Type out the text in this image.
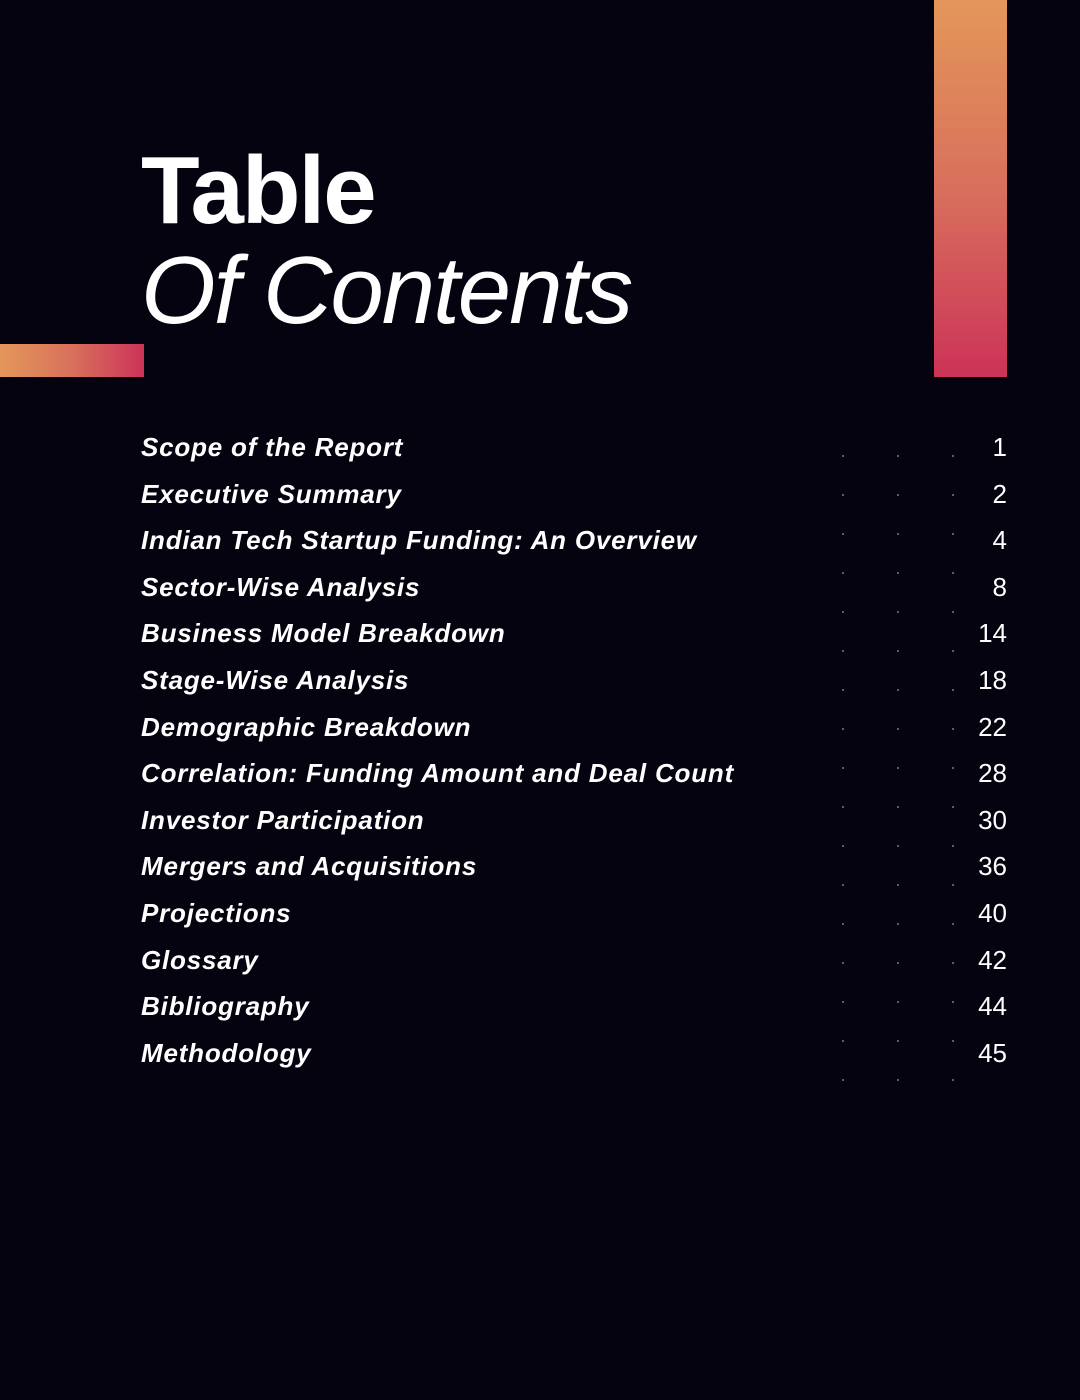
Table
Of Contents
Scope of the Report	1
Executive Summary	2
Indian Tech Startup Funding: An Overview	4
Sector-Wise Analysis	8
Business Model Breakdown	14
Stage-Wise Analysis	18
Demographic Breakdown	22
Correlation: Funding Amount and Deal Count	28
Investor Participation	30
Mergers and Acquisitions	36
Projections	40
Glossary	42
Bibliography	44
Methodology	45
